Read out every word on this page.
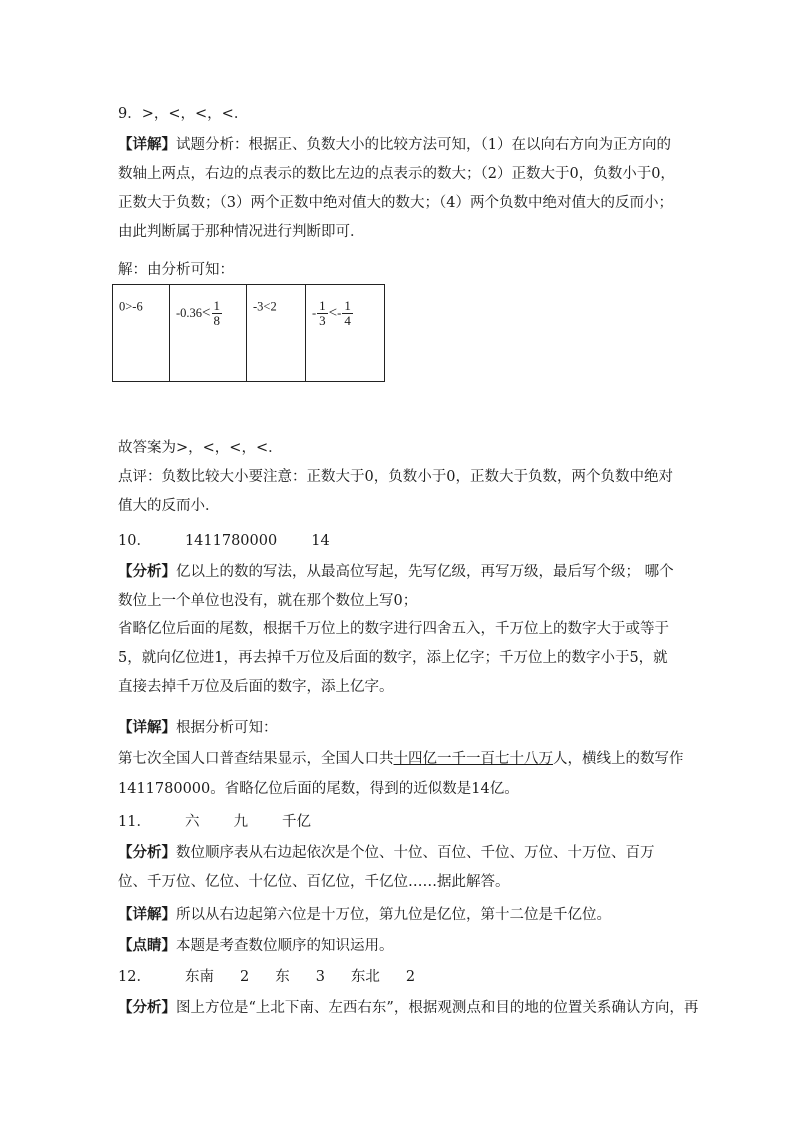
9．>，<，<，<．
【详解】试题分析：根据正、负数大小的比较方法可知，（1）在以向右方向为正方向的数轴上两点，右边的点表示的数比左边的点表示的数大；（2）正数大于0，负数小于0，正数大于负数；（3）两个正数中绝对值大的数大；（4）两个负数中绝对值大的反而小；由此判断属于那种情况进行判断即可．
解：由分析可知：
0>-6	$-0.36< \frac{1}{8}$	-3<2	- $\frac{1}{3} <- \frac{1}{4}$
故答案为>，<，<，<．
点评：负数比较大小要注意：正数大于0，负数小于0，正数大于负数，两个负数中绝对值大的反而小．
10． 1411780000 14
【分析】亿以上的数的写法，从最高位写起，先写亿级，再写万级，最后写个级； 哪个数位上一个单位也没有，就在那个数位上写0；
省略亿位后面的尾数，根据千万位上的数字进行四舍五入，千万位上的数字大于或等于5，就向亿位进1，再去掉千万位及后面的数字，添上亿字；千万位上的数字小于5，就直接去掉千万位及后面的数字，添上亿字。
【详解】根据分析可知：
第七次全国人口普查结果显示，全国人口共十四亿一千一百七十八万人，横线上的数写作
1411780000。省略亿位后面的尾数，得到的近似数是14亿。
11． 六 九 千亿
【分析】数位顺序表从右边起依次是个位、十位、百位、千位、万位、十万位、百万位、千万位、亿位、十亿位、百亿位，千亿位……据此解答。
【详解】所以从右边起第六位是十万位，第九位是亿位，第十二位是千亿位。
【点睛】本题是考查数位顺序的知识运用。
12． 东南 2 东 3 东北 2
【分析】图上方位是“上北下南、左西右东”，根据观测点和目的地的位置关系确认方向，再
